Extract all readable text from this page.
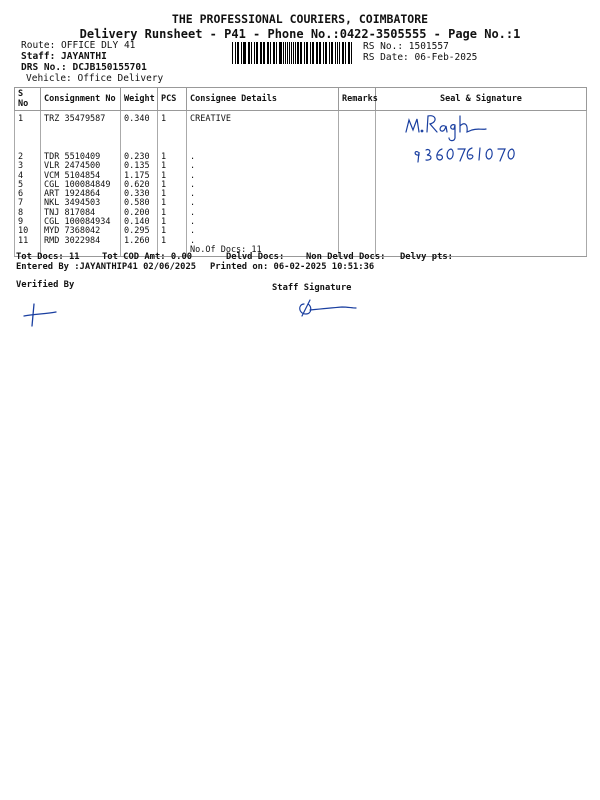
THE PROFESSIONAL COURIERS, COIMBATORE
Delivery Runsheet - P41 - Phone No.:0422-3505555 - Page No.:1
Route: OFFICE DLY 41
Staff: JAYANTHI
DRS No.: DCJB150155701
Vehicle: Office Delivery
RS No.: 1501557
RS Date: 06-Feb-2025
S No	Consignment No	Weight	PCS	Consignee Details	Remarks	Seal & Signature
1	TRZ 35479587	0.340	1	CREATIVE		
2	TDR 5510409	0.230	1	.		
3	VLR 2474500	0.135	1	.		
4	VCM 5104854	1.175	1	.		
5	CGL 100084849	0.620	1	.		
6	ART 1924864	0.330	1	.		
7	NKL 3494503	0.580	1	.		
8	TNJ 817084	0.200	1	.		
9	CGL 100084934	0.140	1	.		
10	MYD 7368042	0.295	1	.		
11	RMD 3022984	1.260	1	.		
				No.Of Docs: 11		
Tot Docs: 11	Tot COD Amt: 0.00	Delvd Docs: Non Delvd Docs: Delvy pts:
Entered By :JAYANTHIP41 02/06/2025 Printed on: 06-02-2025 10:51:36
Verified By	Staff Signature
